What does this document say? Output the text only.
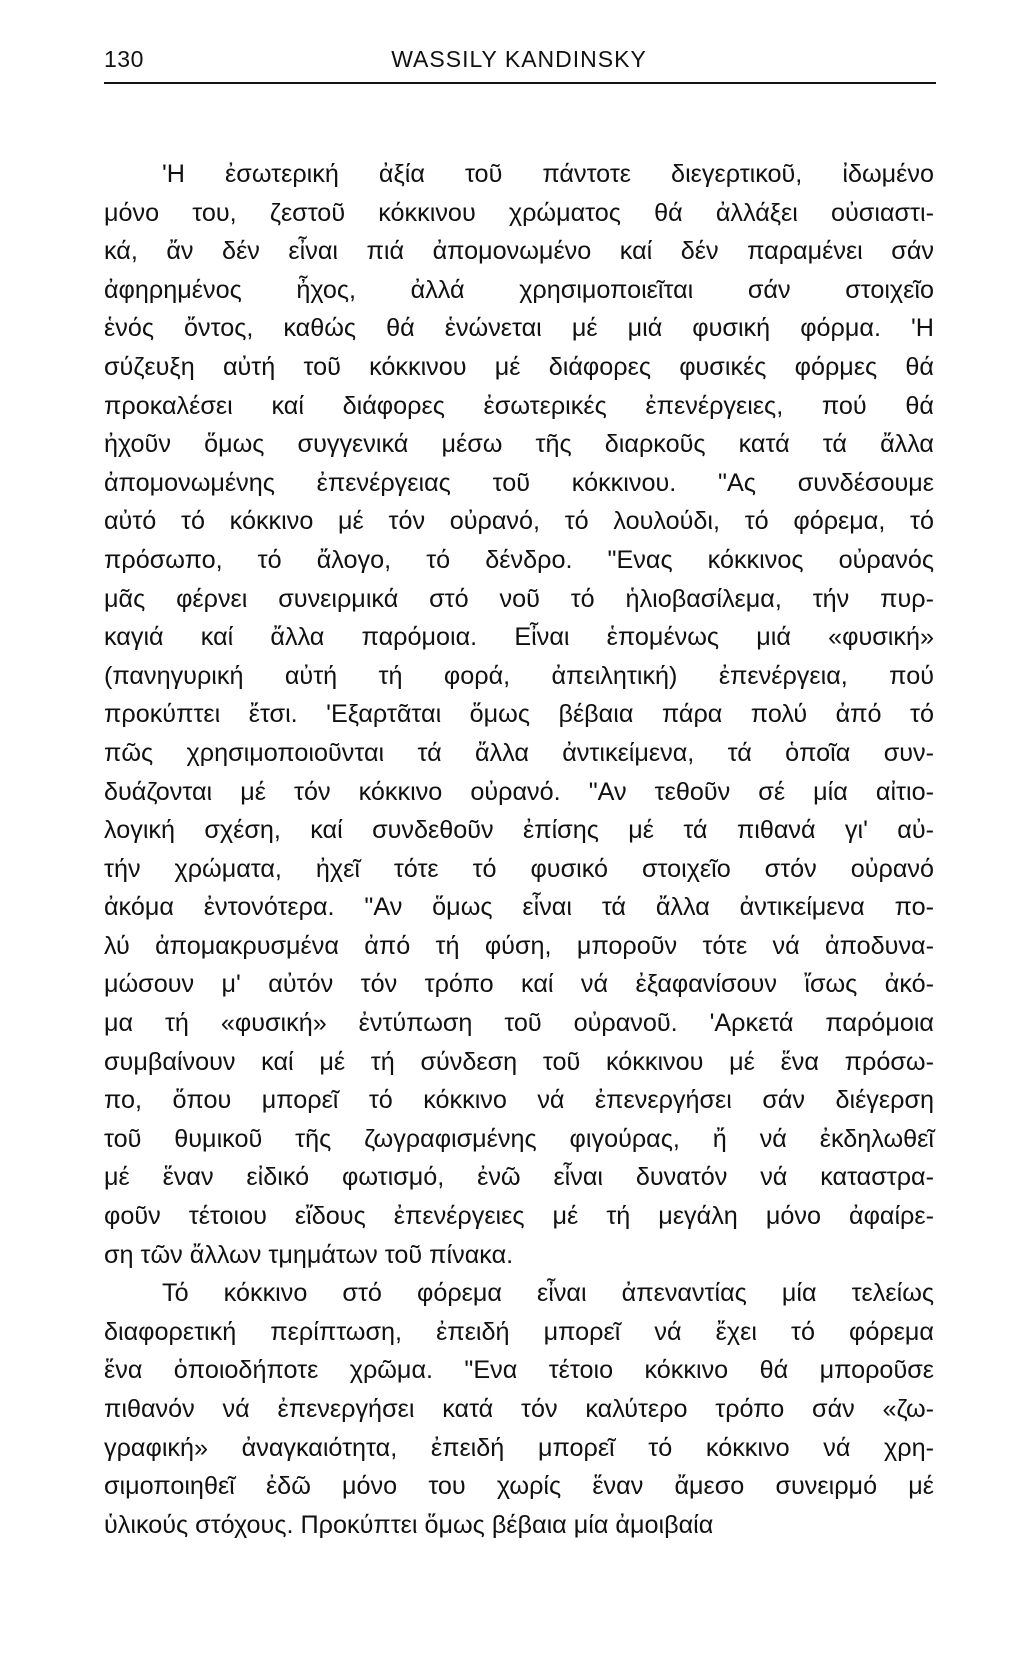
130	WASSILY KANDINSKY
'Η ἐσωτερική ἀξία τοῦ πάντοτε διεγερτικοῦ, ἰδωμένο
μόνο του, ζεστοῦ κόκκινου χρώματος θά ἀλλάξει οὐσιαστι-
κά, ἄν δέν εἶναι πιά ἀπομονωμένο καί δέν παραμένει σάν
ἀφηρημένος ἦχος, ἀλλά χρησιμοποιεῖται σάν στοιχεῖο
ἑνός ὄντος, καθώς θά ἑνώνεται μέ μιά φυσική φόρμα. 'Η
σύζευξη αὐτή τοῦ κόκκινου μέ διάφορες φυσικές φόρμες θά
προκαλέσει καί διάφορες ἐσωτερικές ἐπενέργειες, πού θά
ἠχοῦν ὅμως συγγενικά μέσω τῆς διαρκοῦς κατά τά ἄλλα
ἀπομονωμένης ἐπενέργειας τοῦ κόκκινου. "Ας συνδέσουμε
αὐτό τό κόκκινο μέ τόν οὐρανό, τό λουλούδι, τό φόρεμα, τό
πρόσωπο, τό ἄλογο, τό δένδρο. "Ενας κόκκινος οὐρανός
μᾶς φέρνει συνειρμικά στό νοῦ τό ἡλιοβασίλεμα, τήν πυρ-
καγιά καί ἄλλα παρόμοια. Εἶναι ἑπομένως μιά «φυσική»
(πανηγυρική αὐτή τή φορά, ἀπειλητική) ἐπενέργεια, πού
προκύπτει ἔτσι. 'Εξαρτᾶται ὅμως βέβαια πάρα πολύ ἀπό τό
πῶς χρησιμοποιοῦνται τά ἄλλα ἀντικείμενα, τά ὁποῖα συν-
δυάζονται μέ τόν κόκκινο οὐρανό. "Αν τεθοῦν σέ μία αἰτιο-
λογική σχέση, καί συνδεθοῦν ἐπίσης μέ τά πιθανά γι' αὐ-
τήν χρώματα, ἠχεῖ τότε τό φυσικό στοιχεῖο στόν οὐρανό
ἀκόμα ἐντονότερα. "Αν ὅμως εἶναι τά ἄλλα ἀντικείμενα πο-
λύ ἀπομακρυσμένα ἀπό τή φύση, μποροῦν τότε νά ἀποδυνα-
μώσουν μ' αὐτόν τόν τρόπο καί νά ἐξαφανίσουν ἴσως ἀκό-
μα τή «φυσική» ἐντύπωση τοῦ οὐρανοῦ. 'Αρκετά παρόμοια
συμβαίνουν καί μέ τή σύνδεση τοῦ κόκκινου μέ ἕνα πρόσω-
πο, ὅπου μπορεῖ τό κόκκινο νά ἐπενεργήσει σάν διέγερση
τοῦ θυμικοῦ τῆς ζωγραφισμένης φιγούρας, ἤ νά ἐκδηλωθεῖ
μέ ἕναν εἰδικό φωτισμό, ἐνῶ εἶναι δυνατόν νά καταστρα-
φοῦν τέτοιου εἴδους ἐπενέργειες μέ τή μεγάλη μόνο ἀφαίρε-
ση τῶν ἄλλων τμημάτων τοῦ πίνακα.
Τό κόκκινο στό φόρεμα εἶναι ἀπεναντίας μία τελείως
διαφορετική περίπτωση, ἐπειδή μπορεῖ νά ἔχει τό φόρεμα
ἕνα ὁποιοδήποτε χρῶμα. "Ενα τέτοιο κόκκινο θά μποροῦσε
πιθανόν νά ἐπενεργήσει κατά τόν καλύτερο τρόπο σάν «ζω-
γραφική» ἀναγκαιότητα, ἐπειδή μπορεῖ τό κόκκινο νά χρη-
σιμοποιηθεῖ ἐδῶ μόνο του χωρίς ἕναν ἄμεσο συνειρμό μέ
ὑλικούς στόχους. Προκύπτει ὅμως βέβαια μία ἀμοιβαία
